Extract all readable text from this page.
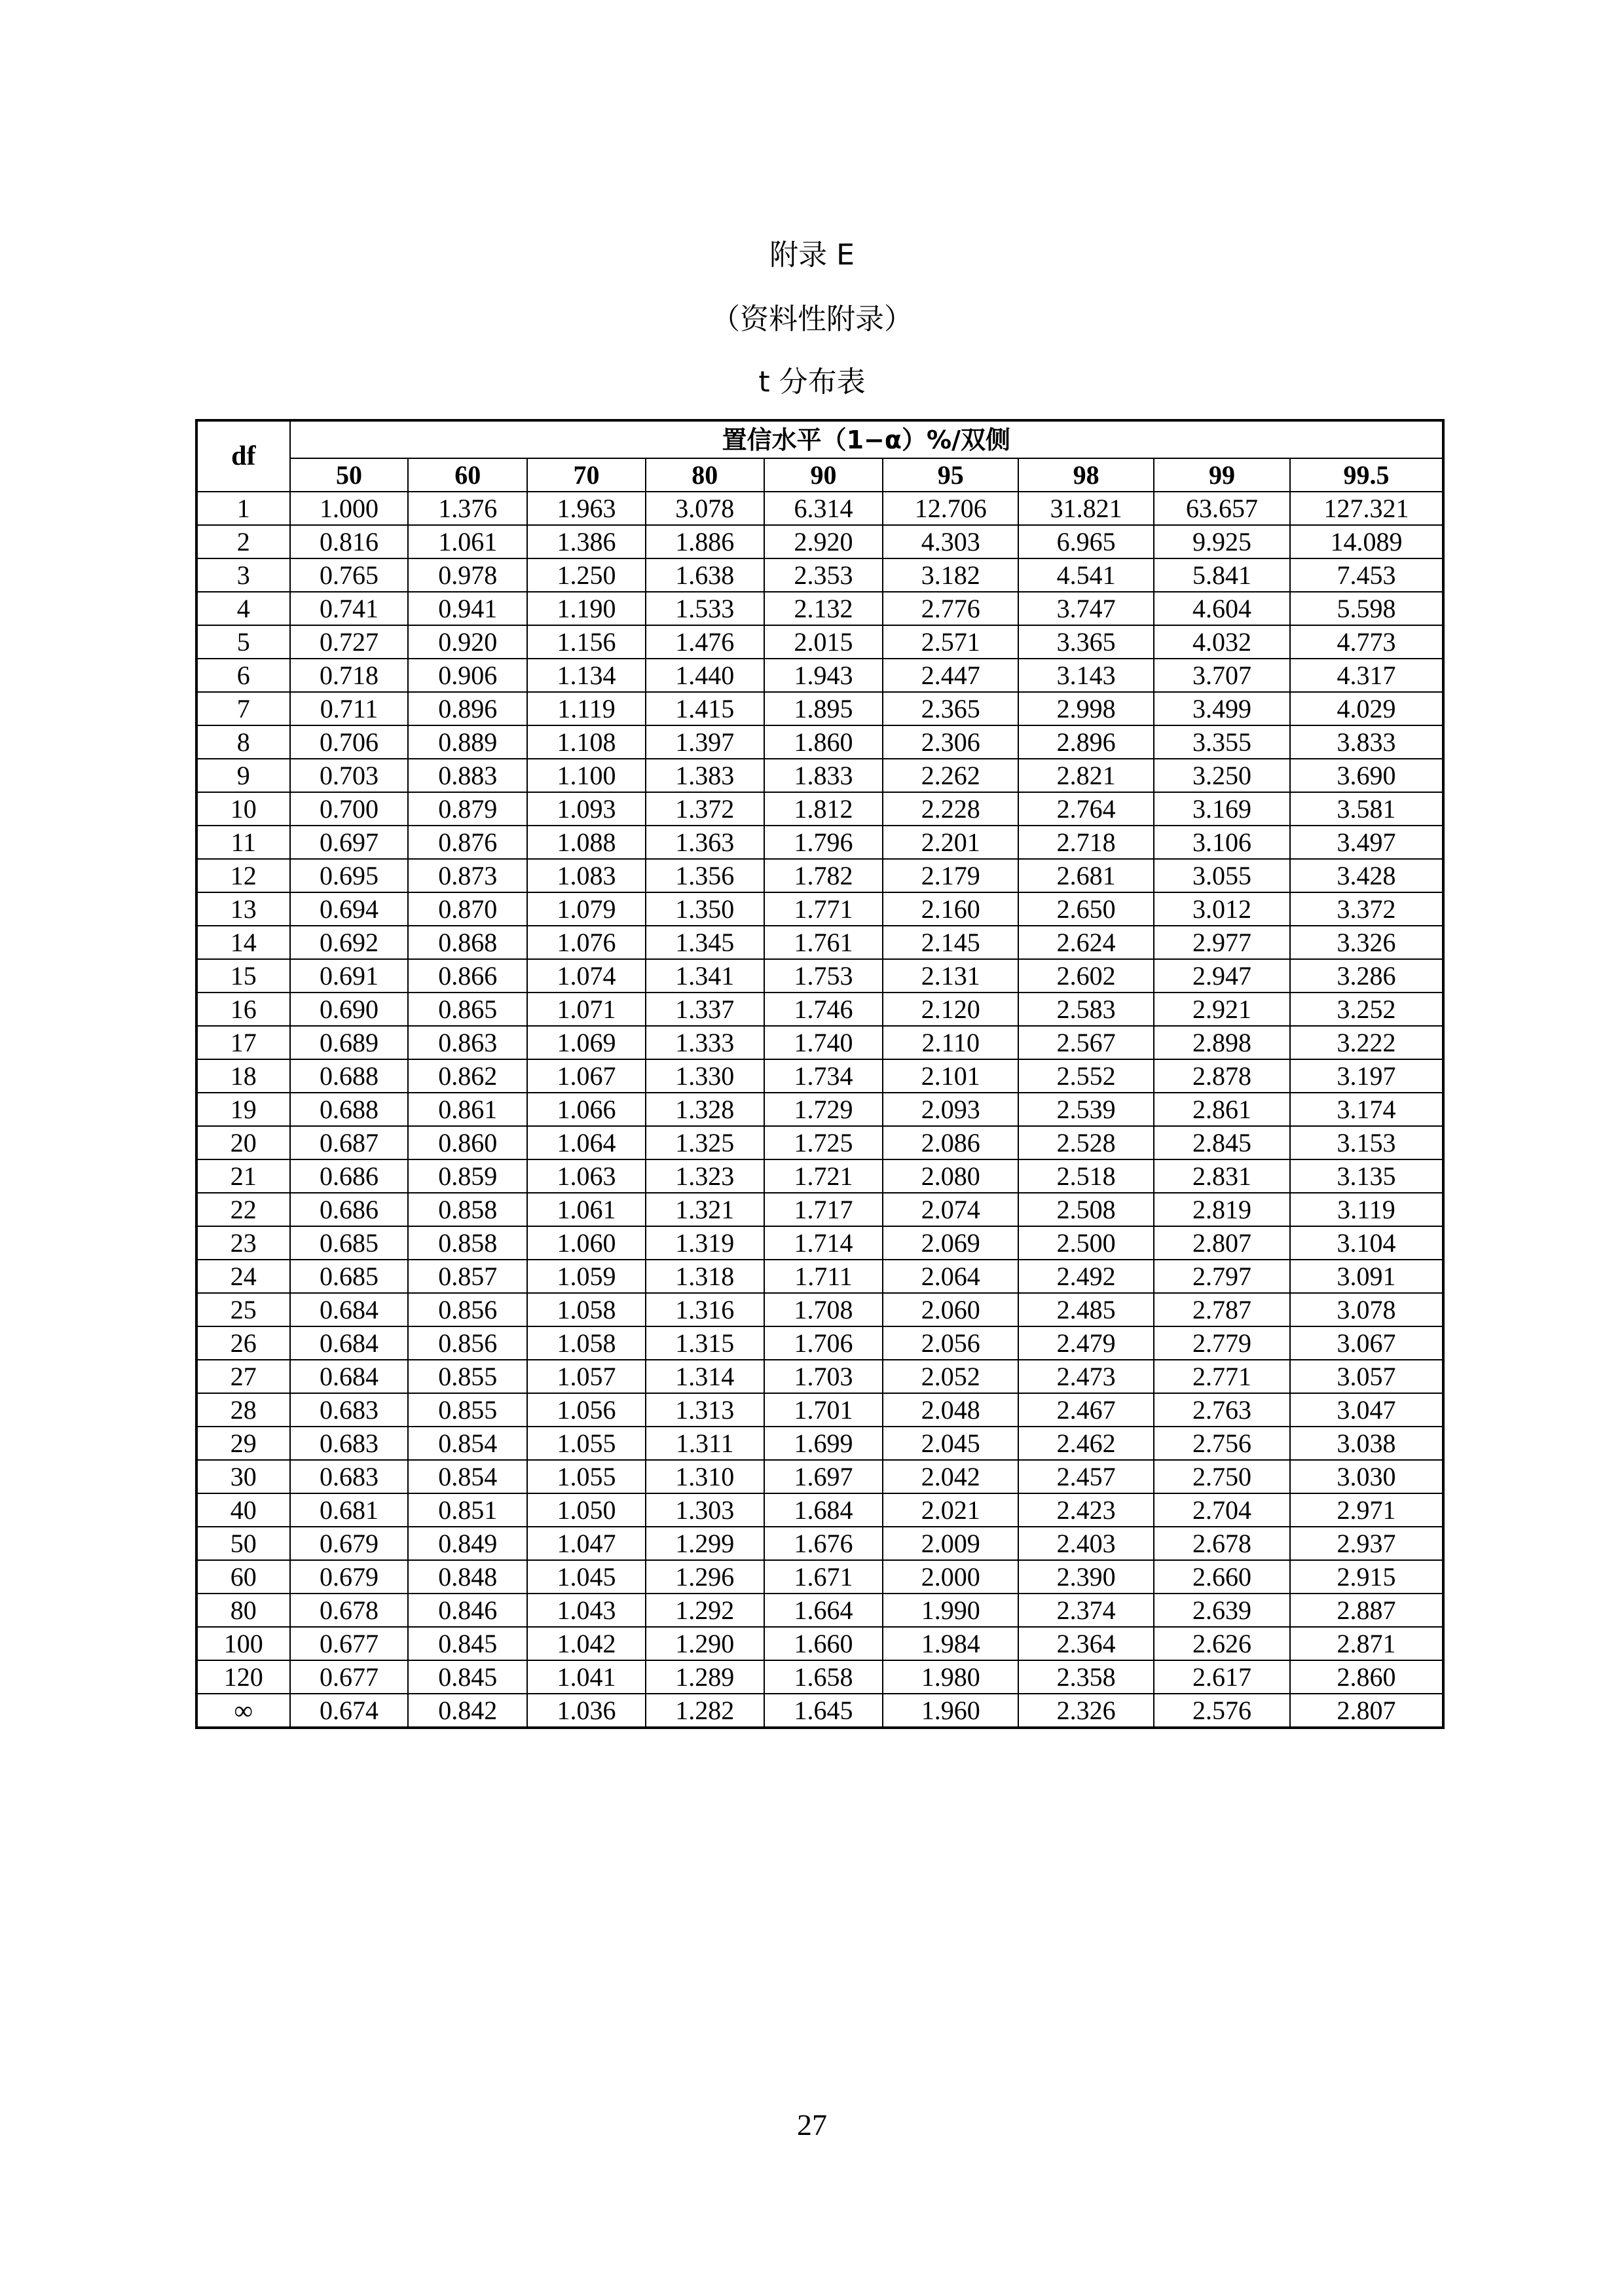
附录 E
（资料性附录）
t 分布表
df	置信水平（1−α）%/双侧								
	50	60	70	80	90	95	98	99	99.5
1	1.000	1.376	1.963	3.078	6.314	12.706	31.821	63.657	127.321
2	0.816	1.061	1.386	1.886	2.920	4.303	6.965	9.925	14.089
3	0.765	0.978	1.250	1.638	2.353	3.182	4.541	5.841	7.453
4	0.741	0.941	1.190	1.533	2.132	2.776	3.747	4.604	5.598
5	0.727	0.920	1.156	1.476	2.015	2.571	3.365	4.032	4.773
6	0.718	0.906	1.134	1.440	1.943	2.447	3.143	3.707	4.317
7	0.711	0.896	1.119	1.415	1.895	2.365	2.998	3.499	4.029
8	0.706	0.889	1.108	1.397	1.860	2.306	2.896	3.355	3.833
9	0.703	0.883	1.100	1.383	1.833	2.262	2.821	3.250	3.690
10	0.700	0.879	1.093	1.372	1.812	2.228	2.764	3.169	3.581
11	0.697	0.876	1.088	1.363	1.796	2.201	2.718	3.106	3.497
12	0.695	0.873	1.083	1.356	1.782	2.179	2.681	3.055	3.428
13	0.694	0.870	1.079	1.350	1.771	2.160	2.650	3.012	3.372
14	0.692	0.868	1.076	1.345	1.761	2.145	2.624	2.977	3.326
15	0.691	0.866	1.074	1.341	1.753	2.131	2.602	2.947	3.286
16	0.690	0.865	1.071	1.337	1.746	2.120	2.583	2.921	3.252
17	0.689	0.863	1.069	1.333	1.740	2.110	2.567	2.898	3.222
18	0.688	0.862	1.067	1.330	1.734	2.101	2.552	2.878	3.197
19	0.688	0.861	1.066	1.328	1.729	2.093	2.539	2.861	3.174
20	0.687	0.860	1.064	1.325	1.725	2.086	2.528	2.845	3.153
21	0.686	0.859	1.063	1.323	1.721	2.080	2.518	2.831	3.135
22	0.686	0.858	1.061	1.321	1.717	2.074	2.508	2.819	3.119
23	0.685	0.858	1.060	1.319	1.714	2.069	2.500	2.807	3.104
24	0.685	0.857	1.059	1.318	1.711	2.064	2.492	2.797	3.091
25	0.684	0.856	1.058	1.316	1.708	2.060	2.485	2.787	3.078
26	0.684	0.856	1.058	1.315	1.706	2.056	2.479	2.779	3.067
27	0.684	0.855	1.057	1.314	1.703	2.052	2.473	2.771	3.057
28	0.683	0.855	1.056	1.313	1.701	2.048	2.467	2.763	3.047
29	0.683	0.854	1.055	1.311	1.699	2.045	2.462	2.756	3.038
30	0.683	0.854	1.055	1.310	1.697	2.042	2.457	2.750	3.030
40	0.681	0.851	1.050	1.303	1.684	2.021	2.423	2.704	2.971
50	0.679	0.849	1.047	1.299	1.676	2.009	2.403	2.678	2.937
60	0.679	0.848	1.045	1.296	1.671	2.000	2.390	2.660	2.915
80	0.678	0.846	1.043	1.292	1.664	1.990	2.374	2.639	2.887
100	0.677	0.845	1.042	1.290	1.660	1.984	2.364	2.626	2.871
120	0.677	0.845	1.041	1.289	1.658	1.980	2.358	2.617	2.860
∞	0.674	0.842	1.036	1.282	1.645	1.960	2.326	2.576	2.807
27
